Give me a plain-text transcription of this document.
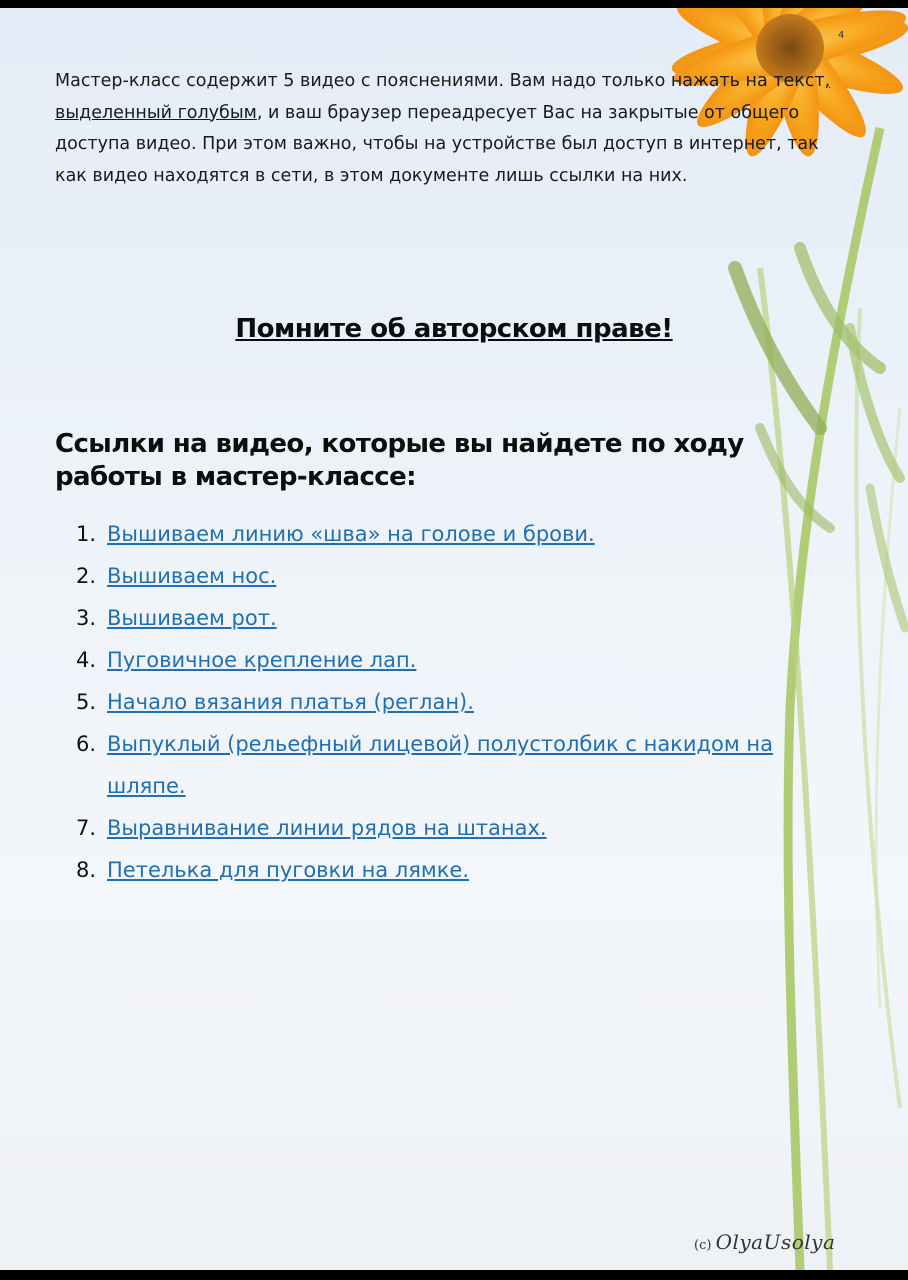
4
Мастер-класс содержит 5 видео с пояснениями. Вам надо только нажать на текст, выделенный голубым, и ваш браузер переадресует Вас на закрытые от общего доступа видео. При этом важно, чтобы на устройстве был доступ в интернет, так как видео находятся в сети, в этом документе лишь ссылки на них.
Помните об авторском праве!
Ссылки на видео, которые вы найдете по ходу работы в мастер-классе:
1. Вышиваем линию «шва» на голове и брови.
2. Вышиваем нос.
3. Вышиваем рот.
4. Пуговичное крепление лап.
5. Начало вязания платья (реглан).
6. Выпуклый (рельефный лицевой) полустолбик с накидом на шляпе.
7. Выравнивание линии рядов на штанах.
8. Петелька для пуговки на лямке.
(c) OlyaUsolya
